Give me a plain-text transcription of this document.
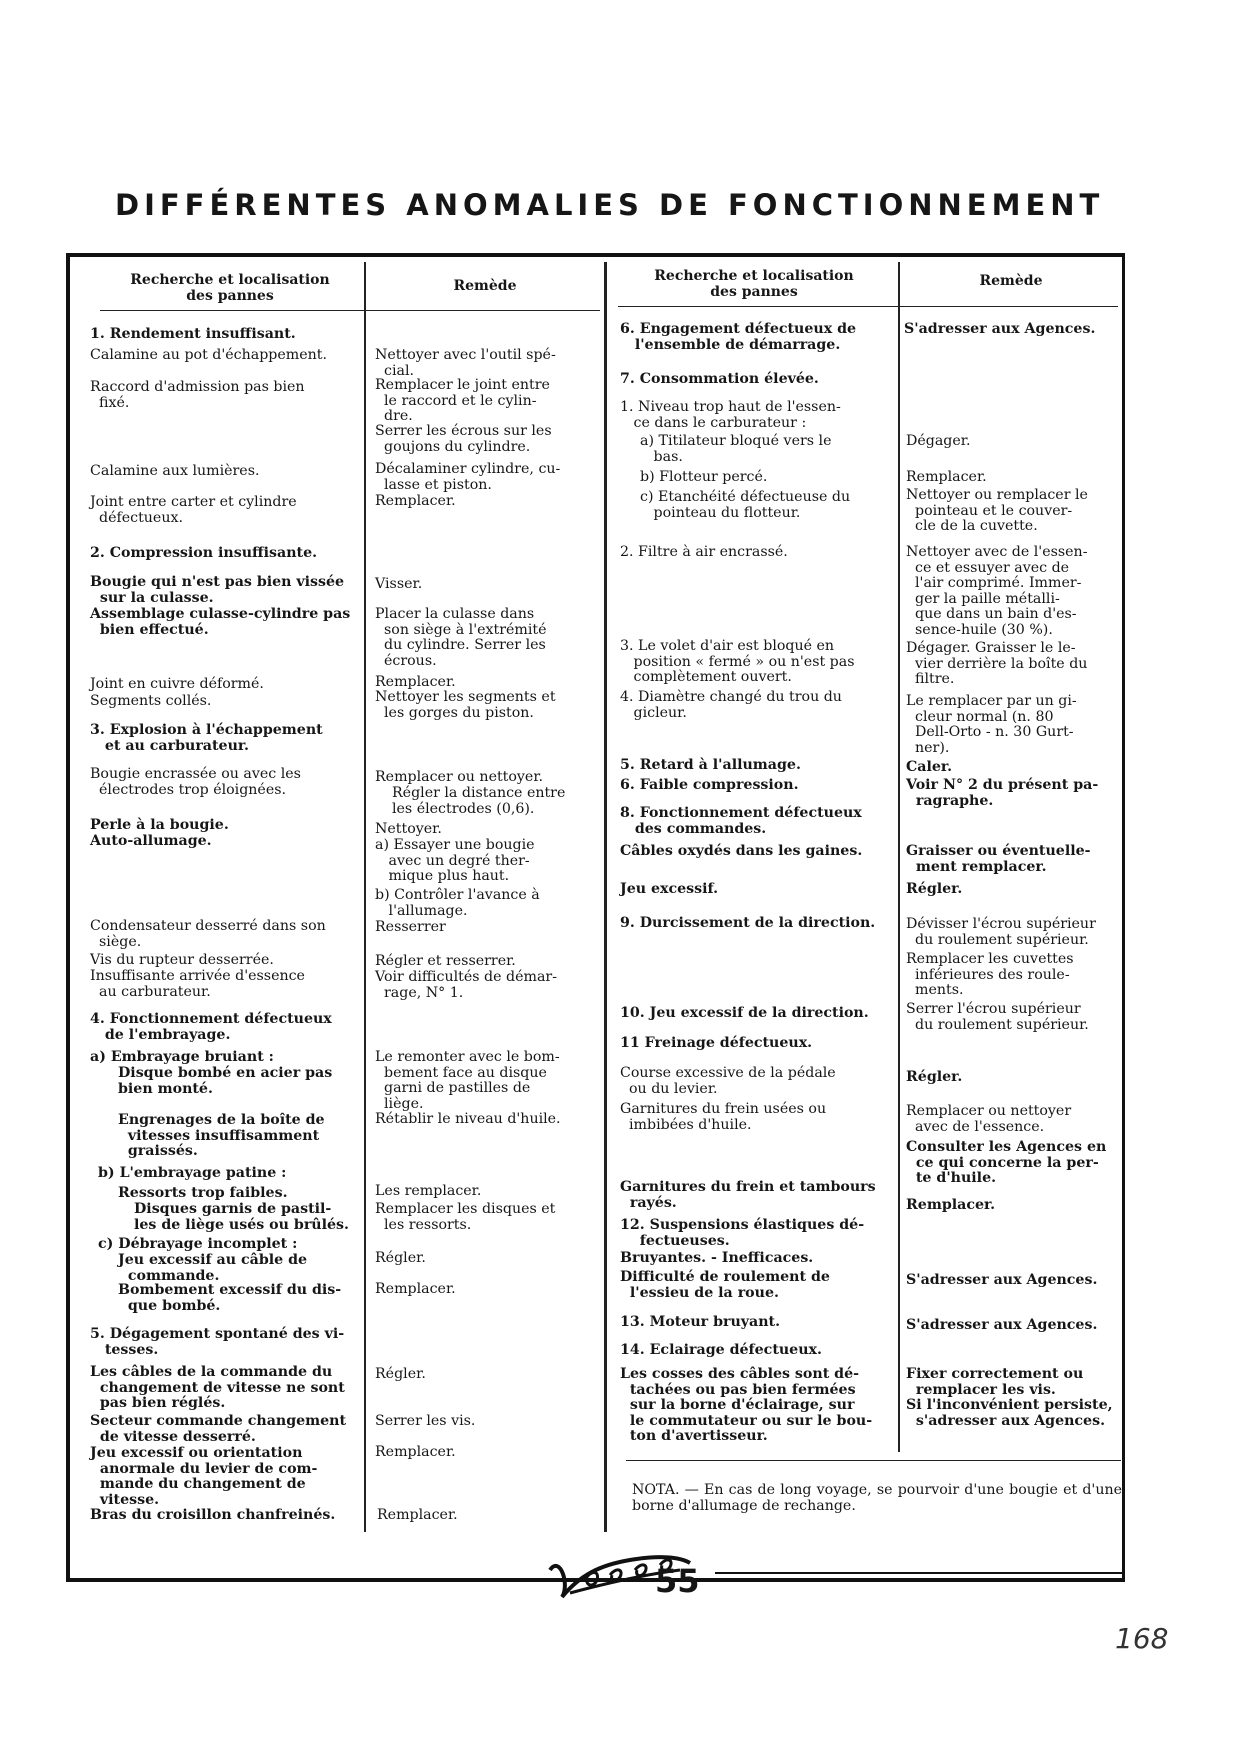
DIFFÉRENTES ANOMALIES DE FONCTIONNEMENT
Recherche et localisation
des pannes
Remède
Recherche et localisation
des pannes
Remède
1. Rendement insuffisant.
Calamine au pot d'échappement.
Raccord d'admission pas bien
fixé.
Calamine aux lumières.
Joint entre carter et cylindre
défectueux.
2. Compression insuffisante.
Bougie qui n'est pas bien vissée
sur la culasse.
Assemblage culasse-cylindre pas
bien effectué.
Joint en cuivre déformé.
Segments collés.
3. Explosion à l'échappement
et au carburateur.
Bougie encrassée ou avec les
électrodes trop éloignées.
Perle à la bougie.
Auto-allumage.
Condensateur desserré dans son
siège.
Vis du rupteur desserrée.
Insuffisante arrivée d'essence
au carburateur.
4. Fonctionnement défectueux
de l'embrayage.
a) Embrayage bruiant :
Disque bombé en acier pas
bien monté.
Engrenages de la boîte de
vitesses insuffisamment
graissés.
b) L'embrayage patine :
Ressorts trop faibles.
Disques garnis de pastil-
les de liège usés ou brûlés.
c) Débrayage incomplet :
Jeu excessif au câble de
commande.
Bombement excessif du dis-
que bombé.
5. Dégagement spontané des vi-
tesses.
Les câbles de la commande du
changement de vitesse ne sont
pas bien réglés.
Secteur commande changement
de vitesse desserré.
Jeu excessif ou orientation
anormale du levier de com-
mande du changement de
vitesse.
Bras du croisillon chanfreinés.
Nettoyer avec l'outil spé-
cial.
Remplacer le joint entre
le raccord et le cylin-
dre.
Serrer les écrous sur les
goujons du cylindre.
Décalaminer cylindre, cu-
lasse et piston.
Remplacer.
Visser.
Placer la culasse dans
son siège à l'extrémité
du cylindre. Serrer les
écrous.
Remplacer.
Nettoyer les segments et
les gorges du piston.
Remplacer ou nettoyer.
Régler la distance entre
les électrodes (0,6).
Nettoyer.
a) Essayer une bougie
avec un degré ther-
mique plus haut.
b) Contrôler l'avance à
l'allumage.
Resserrer
Régler et resserrer.
Voir difficultés de démar-
rage, N° 1.
Le remonter avec le bom-
bement face au disque
garni de pastilles de
liège.
Rétablir le niveau d'huile.
Les remplacer.
Remplacer les disques et
les ressorts.
Régler.
Remplacer.
Régler.
Serrer les vis.
Remplacer.
Remplacer.
6. Engagement défectueux de
l'ensemble de démarrage.
7. Consommation élevée.
1. Niveau trop haut de l'essen-
ce dans le carburateur :
a) Titilateur bloqué vers le
bas.
b) Flotteur percé.
c) Etanchéité défectueuse du
pointeau du flotteur.
2. Filtre à air encrassé.
3. Le volet d'air est bloqué en
position « fermé » ou n'est pas
complètement ouvert.
4. Diamètre changé du trou du
gicleur.
5. Retard à l'allumage.
6. Faible compression.
8. Fonctionnement défectueux
des commandes.
Câbles oxydés dans les gaines.
Jeu excessif.
9. Durcissement de la direction.
10. Jeu excessif de la direction.
11 Freinage défectueux.
Course excessive de la pédale
ou du levier.
Garnitures du frein usées ou
imbibées d'huile.
Garnitures du frein et tambours
rayés.
12. Suspensions élastiques dé-
fectueuses.
Bruyantes. - Inefficaces.
Difficulté de roulement de
l'essieu de la roue.
13. Moteur bruyant.
14. Eclairage défectueux.
Les cosses des câbles sont dé-
tachées ou pas bien fermées
sur la borne d'éclairage, sur
le commutateur ou sur le bou-
ton d'avertisseur.
S'adresser aux Agences.
Dégager.
Remplacer.
Nettoyer ou remplacer le
pointeau et le couver-
cle de la cuvette.
Nettoyer avec de l'essen-
ce et essuyer avec de
l'air comprimé. Immer-
ger la paille métalli-
que dans un bain d'es-
sence-huile (30 %).
Dégager. Graisser le le-
vier derrière la boîte du
filtre.
Le remplacer par un gi-
cleur normal (n. 80
Dell-Orto - n. 30 Gurt-
ner).
Caler.
Voir N° 2 du présent pa-
ragraphe.
Graisser ou éventuelle-
ment remplacer.
Régler.
Dévisser l'écrou supérieur
du roulement supérieur.
Remplacer les cuvettes
inférieures des roule-
ments.
Serrer l'écrou supérieur
du roulement supérieur.
Régler.
Remplacer ou nettoyer
avec de l'essence.
Consulter les Agences en
ce qui concerne la per-
te d'huile.
Remplacer.
S'adresser aux Agences.
S'adresser aux Agences.
Fixer correctement ou
remplacer les vis.
Si l'inconvénient persiste,
s'adresser aux Agences.
NOTA. — En cas de long voyage, se pourvoir d'une bougie et d'une borne d'allumage de rechange.
55
168
